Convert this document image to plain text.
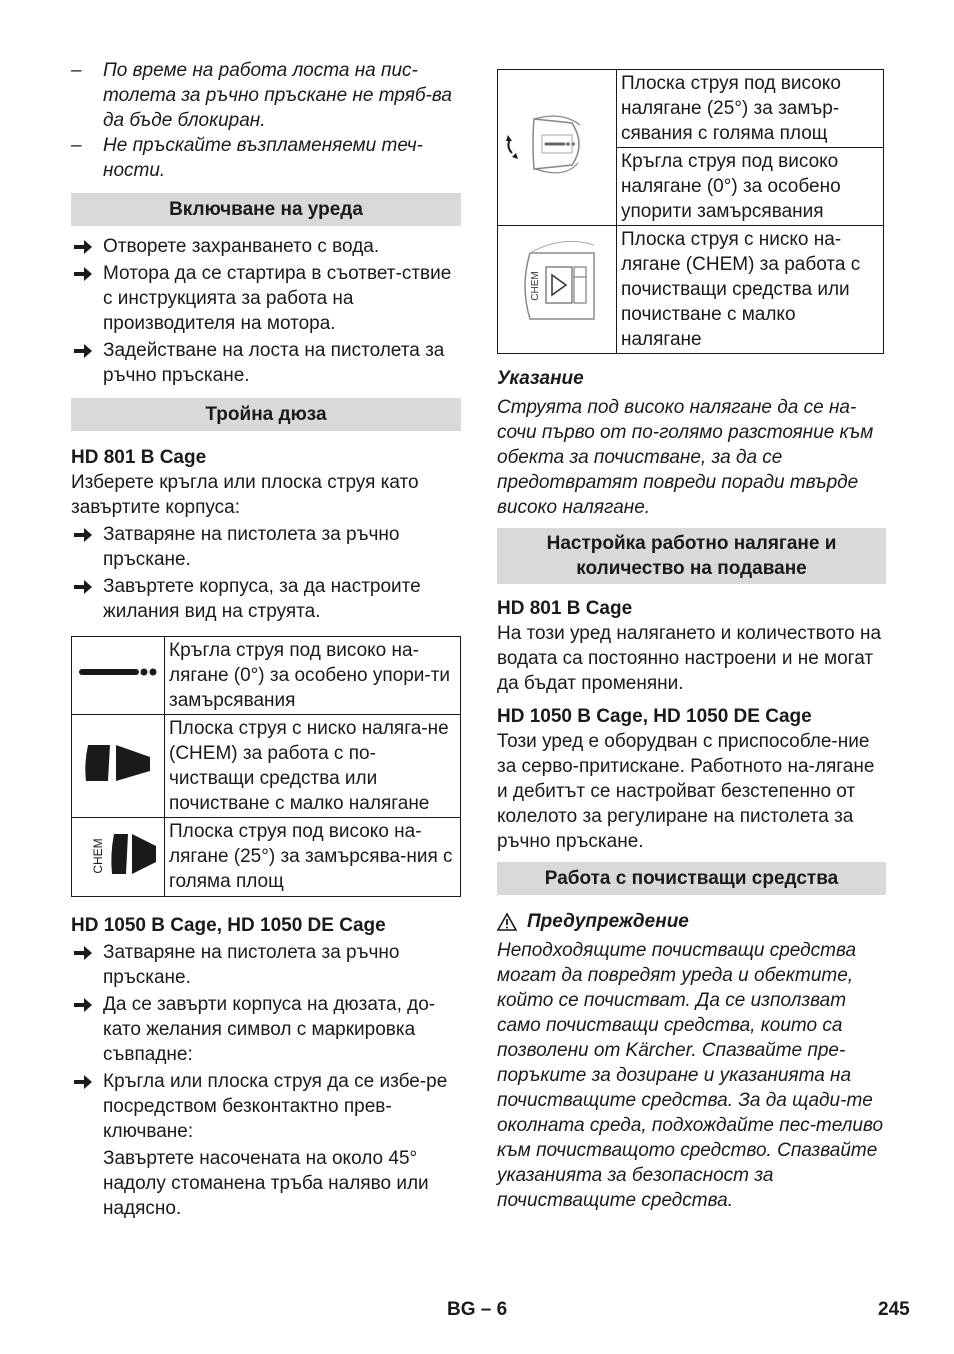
–	По време на работа лоста на пис-толета за ръчно пръскане не тряб-ва да бъде блокиран.
–	Не пръскайте възпламеняеми теч-ности.
Включване на уреда
Отворете захранването с вода.
Мотора да се стартира в съответ-ствие с инструкцията за работа на производителя на мотора.
Задействане на лоста на пистолета за ръчно пръскане.
Тройна дюза
HD 801 B Cage

Изберете кръгла или плоска струя като завъртите корпуса:

Затваряне на пистолета за ръчно пръскане.
Завъртете корпуса, за да настроите жилания вид на струята.
	Кръгла струя под високо на-лягане (0°) за особено упори-ти замърсявания
	Плоска струя с ниско наляга-не (CHEM) за работа с по-чистващи средства или почистване с малко налягане

CHEM	Плоска струя под високо на-лягане (25°) за замърсява-ния с голяма площ
HD 1050 B Cage, HD 1050 DE Cage
Затваряне на пистолета за ръчно пръскане.
Да се завърти корпуса на дюзата, до-като желания символ с маркировка съвпадне:
Кръгла или плоска струя да се избе-ре посредством безконтактно прев-ключване:

Завъртете насочената на около 45° надолу стоманена тръба наляво или надясно.

	Плоска струя под високо налягане (25°) за замър-сявания с голяма площ
	Кръгла струя под високо налягане (0°) за особено упорити замърсявания

CHEM	Плоска струя с ниско на-лягане (CHEM) за работа с почистващи средства или почистване с малко налягане
Указание

Струята под високо налягане да се на-сочи първо от по-голямо разстояние към обекта за почистване, за да се предотвратят повреди поради твърде високо налягане.

Настройка работно налягане и количество на подаване
HD 801 B Cage

На този уред налягането и количеството на водата са постоянно настроени и не могат да бъдат променяни.

HD 1050 B Cage, HD 1050 DE Cage

Този уред е оборудван с приспособле-ние за серво-притискане. Работното на-лягане и дебитът се настройват безстепенно от колелото за регулиране на пистолета за ръчно пръскане.

Работа с почистващи средства
Предупреждение

Неподходящите почистващи средства могат да повредят уреда и обектите, който се почистват. Да се използват само почистващи средства, които са позволени от Kärcher. Спазвайте пре-поръките за дозиране и указанията на почистващите средства. За да щади-те околната среда, подхождайте пес-теливо към почистващото средство. Спазвайте указанията за безопасност за почистващите средства.

BG – 6	245
